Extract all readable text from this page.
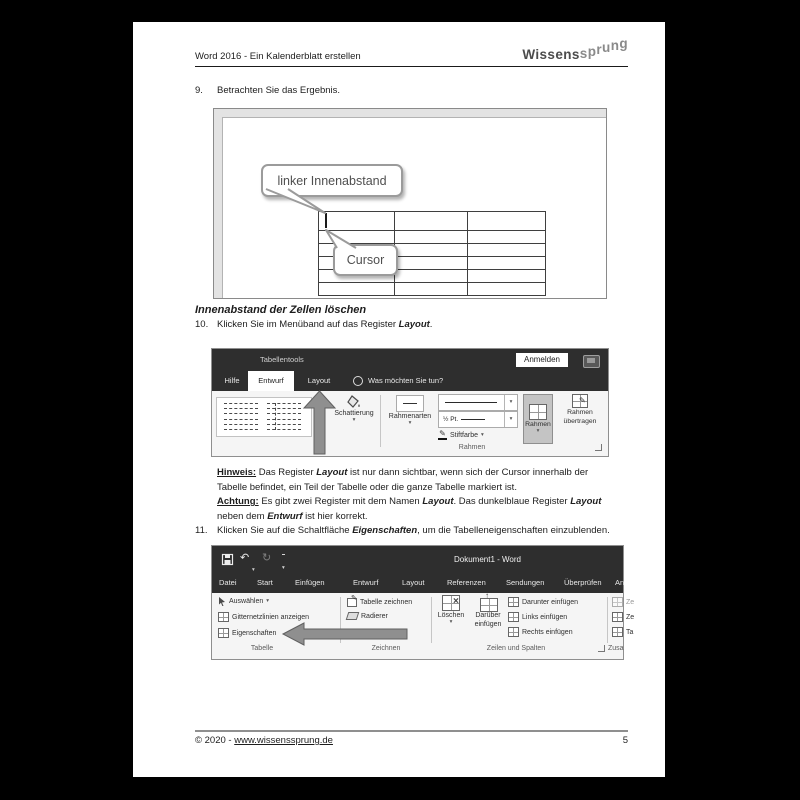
Word 2016 - Ein Kalenderblatt erstellen	Wissenssprung
9.	Betrachten Sie das Ergebnis.
linker Innenabstand
Cursor
Innenabstand der Zellen löschen
10. Klicken Sie im Menüband auf das Register Layout.
Tabellentools	Anmelden
Hilfe	Entwurf	Layout	Was möchten Sie tun?
Schattierung
▾	Rahmenarten
▾
▾
½ Pt.	▾
✎ Stiftfarbe ▾
Rahmen
▾
✎
Rahmen
übertragen
Rahmen

Hinweis: Das Register Layout ist nur dann sichtbar, wenn sich der Cursor innerhalb der Tabelle befindet, ein Teil der Tabelle oder die ganze Tabelle markiert ist.

Achtung: Es gibt zwei Register mit dem Namen Layout. Das dunkelblaue Register Layout neben dem Entwurf ist hier korrekt.

11. Klicken Sie auf die Schaltfläche Eigenschaften, um die Tabelleneigenschaften einzublenden.
↶
▾
↻
▾
Dokument1 - Word
Datei	Start	Einfügen	Entwurf	Layout	Referenzen	Sendungen	Überprüfen An
Auswählen ▾
Gitternetzlinien anzeigen
Eigenschaften
Tabelle
✎ Tabelle zeichnen
Radierer
Zeichnen
×
Löschen
▾
↑
Darüber
einfügen
Darunter einfügen
Links einfügen
Rechts einfügen
Zeilen und Spalten
Ze
Ze
Ta
Zusa
© 2020 - www.wissenssprung.de	5
